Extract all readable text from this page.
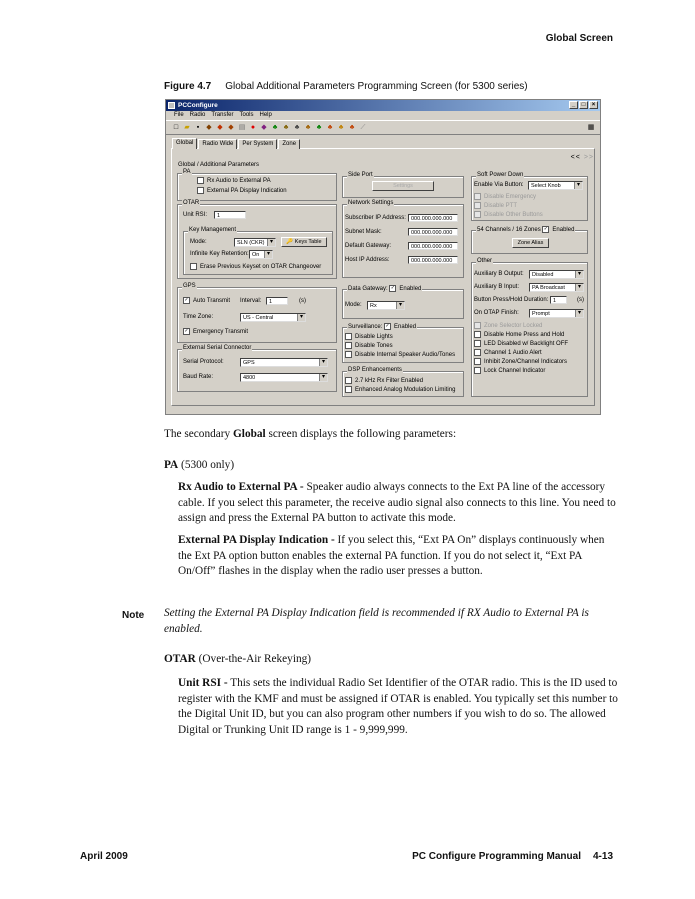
Global Screen
Figure 4.7 Global Additional Parameters Programming Screen (for 5300 series)
PCConfigure	_	□	×
File Radio Transfer Tools Help
□ ▰	▪	◆ ◆ ◆ ▤ ● ◆ ♣ ♣ ♣ ♣ ♣ ♣ ♣ ♣ ⟋	▦
Global	Radio Wide	Per System	Zone
<< >>
Global / Additional Parameters
PA
Rx Audio to External PA
External PA Display Indication
OTAR
Unit RSI:	1 ÷
Key Management
Mode:	SLN (CKR) ▾	🔑 Keys Table
Infinite Key Retention: On ▾
Erase Previous Keyset on OTAR Changeover
GPS
✓ Auto Transmit Interval:	1 ÷	(s)
Time Zone:	US - Central ▾
✓ Emergency Transmit
External Serial Connector
Serial Protocol:	GPS ▾
Baud Rate:	4800 ▾
Side Port
Settings
Network Settings
Subscriber IP Address: 000.000.000.000
Subnet Mask:	000.000.000.000
Default Gateway:	000.000.000.000
Host IP Address:	000.000.000.000
Data Gateway: ✓ Enabled
Mode:	Rx ▾
Surveillance: ✓ Enabled
Disable Lights
Disable Tones
Disable Internal Speaker Audio/Tones
DSP Enhancements
2.7 kHz Rx Filter Enabled
Enhanced Analog Modulation Limiting
Soft Power Down
Enable Via Button:	Select Knob ▾
Disable Emergency
Disable PTT
Disable Other Buttons
54 Channels / 16 Zones ✓ Enabled
Zone Alias
Other
Auxiliary B Output:	Disabled ▾
Auxiliary B Input:	PA Broadcast ▾
Button Press/Hold Duration: 1 ÷	(s)
On OTAP Finish:	Prompt ▾
Zone Selector Locked
Disable Home Press and Hold
LED Disabled w/ Backlight OFF
Channel 1 Audio Alert
Inhibit Zone/Channel Indicators
Lock Channel Indicator
The secondary Global screen displays the following parameters:
PA (5300 only)
Rx Audio to External PA - Speaker audio always connects to the Ext PA line of the accessory cable. If you select this parameter, the receive audio signal also connects to this line. You need to assign and press the External PA button to activate this mode.
External PA Display Indication - If you select this, “Ext PA On” displays continuously when the Ext PA option button enables the external PA function. If you do not select it, “Ext PA On/Off” flashes in the display when the radio user presses a button.
Note Setting the External PA Display Indication field is recommended if RX Audio to External PA is enabled.
OTAR (Over-the-Air Rekeying)
Unit RSI - This sets the individual Radio Set Identifier of the OTAR radio. This is the ID used to register with the KMF and must be assigned if OTAR is enabled. You typically set this number to the Digital Unit ID, but you can also program other numbers if you wish to do so. The allowed Digital or Trunking Unit ID range is 1 - 9,999,999.
April 2009	PC Configure Programming Manual 4-13
